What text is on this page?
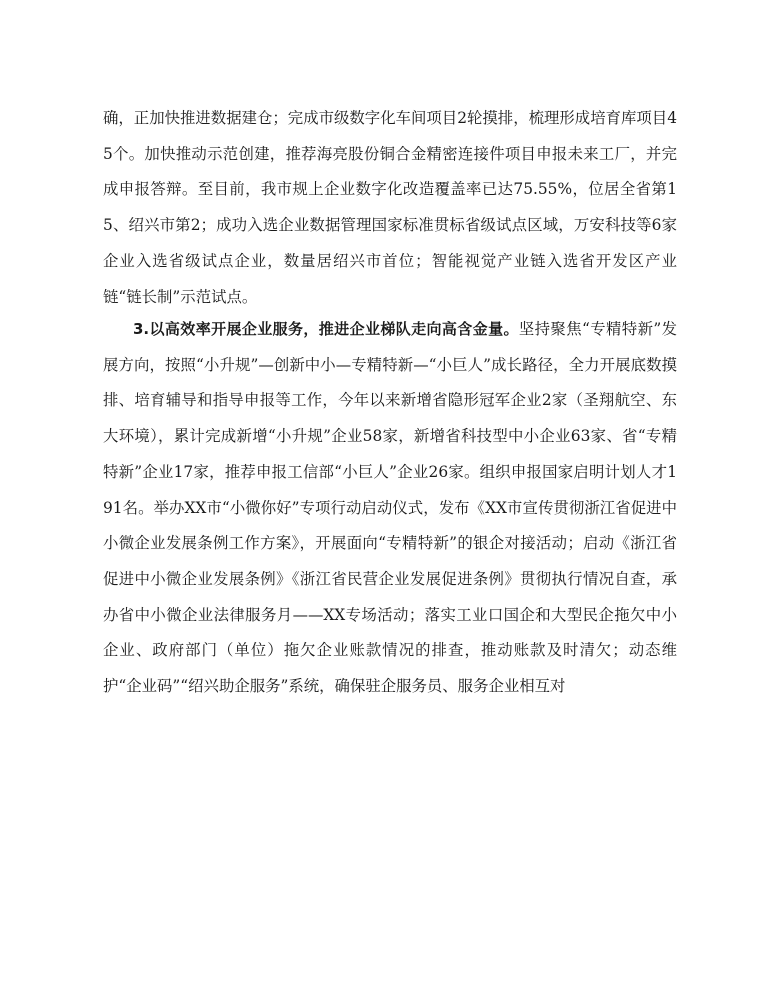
确，正加快推进数据建仓；完成市级数字化车间项目2轮摸排，梳理形成培育库项目45个。加快推动示范创建，推荐海亮股份铜合金精密连接件项目申报未来工厂，并完成申报答辩。至目前，我市规上企业数字化改造覆盖率已达75.55%，位居全省第15、绍兴市第2；成功入选企业数据管理国家标准贯标省级试点区域，万安科技等6家企业入选省级试点企业，数量居绍兴市首位；智能视觉产业链入选省开发区产业链“链长制”示范试点。

3.以高效率开展企业服务，推进企业梯队走向高含金量。坚持聚焦“专精特新”发展方向，按照“小升规”—创新中小—专精特新—“小巨人”成长路径，全力开展底数摸排、培育辅导和指导申报等工作，今年以来新增省隐形冠军企业2家（圣翔航空、东大环境），累计完成新增“小升规”企业58家，新增省科技型中小企业63家、省“专精特新”企业17家，推荐申报工信部“小巨人”企业26家。组织申报国家启明计划人才191名。举办XX市“小微你好”专项行动启动仪式，发布《XX市宣传贯彻浙江省促进中小微企业发展条例工作方案》，开展面向“专精特新”的银企对接活动；启动《浙江省促进中小微企业发展条例》《浙江省民营企业发展促进条例》贯彻执行情况自查，承办省中小微企业法律服务月——XX专场活动；落实工业口国企和大型民企拖欠中小企业、政府部门（单位）拖欠企业账款情况的排查，推动账款及时清欠；动态维护“企业码”“绍兴助企服务”系统，确保驻企服务员、服务企业相互对
